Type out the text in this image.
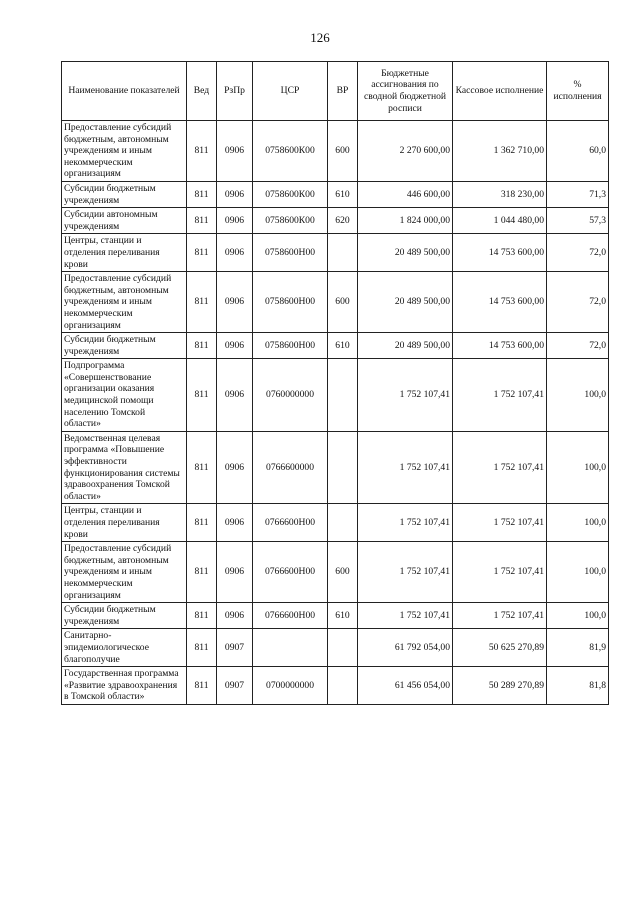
126
Наименование показателей	Вед	РзПр	ЦСР	ВР	Бюджетные ассигнования по сводной бюджетной росписи	Кассовое исполнение	% исполнения
Предоставление субсидий бюджетным, автономным учреждениям и иным некоммерческим организациям	811	0906	0758600К00	600	2 270 600,00	1 362 710,00	60,0
Субсидии бюджетным учреждениям	811	0906	0758600К00	610	446 600,00	318 230,00	71,3
Субсидии автономным учреждениям	811	0906	0758600К00	620	1 824 000,00	1 044 480,00	57,3
Центры, станции и отделения переливания крови	811	0906	0758600Н00		20 489 500,00	14 753 600,00	72,0
Предоставление субсидий бюджетным, автономным учреждениям и иным некоммерческим организациям	811	0906	0758600Н00	600	20 489 500,00	14 753 600,00	72,0
Субсидии бюджетным учреждениям	811	0906	0758600Н00	610	20 489 500,00	14 753 600,00	72,0
Подпрограмма «Совершенствование организации оказания медицинской помощи населению Томской области»	811	0906	0760000000		1 752 107,41	1 752 107,41	100,0
Ведомственная целевая программа «Повышение эффективности функционирования системы здравоохранения Томской области»	811	0906	0766600000		1 752 107,41	1 752 107,41	100,0
Центры, станции и отделения переливания крови	811	0906	0766600Н00		1 752 107,41	1 752 107,41	100,0
Предоставление субсидий бюджетным, автономным учреждениям и иным некоммерческим организациям	811	0906	0766600Н00	600	1 752 107,41	1 752 107,41	100,0
Субсидии бюджетным учреждениям	811	0906	0766600Н00	610	1 752 107,41	1 752 107,41	100,0
Санитарно-эпидемиологическое благополучие	811	0907			61 792 054,00	50 625 270,89	81,9
Государственная программа «Развитие здравоохранения в Томской области»	811	0907	0700000000		61 456 054,00	50 289 270,89	81,8
